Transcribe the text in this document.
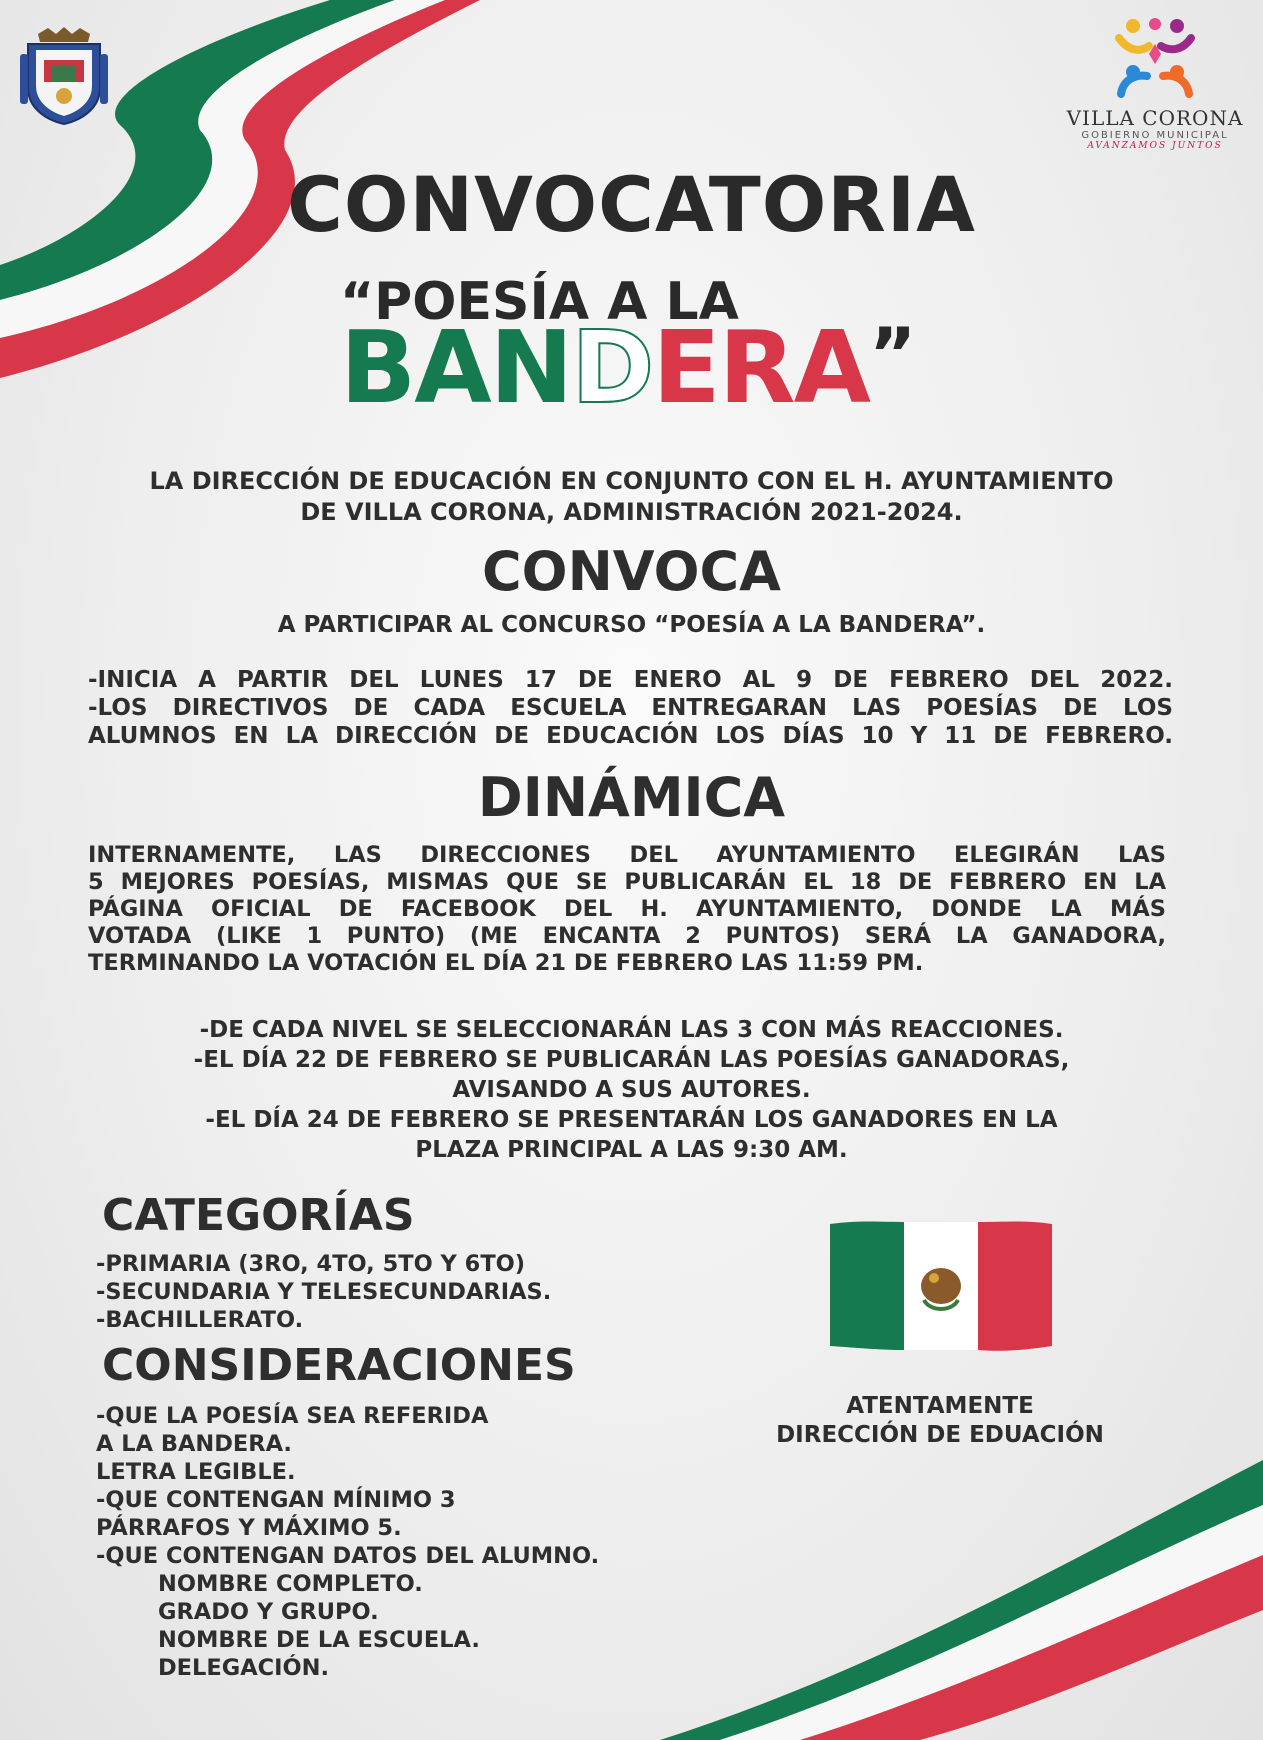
VILLA CORONA
GOBIERNO MUNICIPAL
AVANZAMOS JUNTOS
CONVOCATORIA
“POESÍA A LA
BANDERA”
LA DIRECCIÓN DE EDUCACIÓN EN CONJUNTO CON EL H. AYUNTAMIENTO
DE VILLA CORONA, ADMINISTRACIÓN 2021-2024.
CONVOCA
A PARTICIPAR AL CONCURSO “POESÍA A LA BANDERA”.
-INICIA A PARTIR DEL LUNES 17 DE ENERO AL 9 DE FEBRERO DEL 2022.
-LOS DIRECTIVOS DE CADA ESCUELA ENTREGARAN LAS POESÍAS DE LOS
ALUMNOS EN LA DIRECCIÓN DE EDUCACIÓN LOS DÍAS 10 Y 11 DE FEBRERO.
DINÁMICA
INTERNAMENTE, LAS DIRECCIONES DEL AYUNTAMIENTO ELEGIRÁN LAS
5 MEJORES POESÍAS, MISMAS QUE SE PUBLICARÁN EL 18 DE FEBRERO EN LA
PÁGINA OFICIAL DE FACEBOOK DEL H. AYUNTAMIENTO, DONDE LA MÁS
VOTADA (LIKE 1 PUNTO) (ME ENCANTA 2 PUNTOS) SERÁ LA GANADORA,
TERMINANDO LA VOTACIÓN EL DÍA 21 DE FEBRERO LAS 11:59 PM.
-DE CADA NIVEL SE SELECCIONARÁN LAS 3 CON MÁS REACCIONES.
-EL DÍA 22 DE FEBRERO SE PUBLICARÁN LAS POESÍAS GANADORAS,
AVISANDO A SUS AUTORES.
-EL DÍA 24 DE FEBRERO SE PRESENTARÁN LOS GANADORES EN LA
PLAZA PRINCIPAL A LAS 9:30 AM.
CATEGORÍAS
-PRIMARIA (3RO, 4TO, 5TO Y 6TO)
-SECUNDARIA Y TELESECUNDARIAS.
-BACHILLERATO.
CONSIDERACIONES
-QUE LA POESÍA SEA REFERIDA
A LA BANDERA.
LETRA LEGIBLE.
-QUE CONTENGAN MÍNIMO 3
PÁRRAFOS Y MÁXIMO 5.
-QUE CONTENGAN DATOS DEL ALUMNO.
NOMBRE COMPLETO.
GRADO Y GRUPO.
NOMBRE DE LA ESCUELA.
DELEGACIÓN.
ATENTAMENTE
DIRECCIÓN DE EDUACIÓN
